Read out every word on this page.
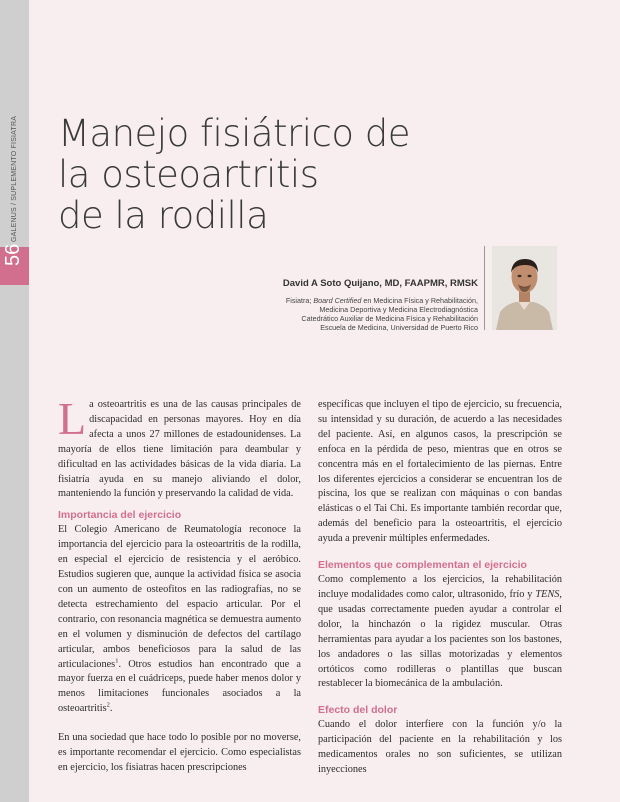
GALENUS / SUPLEMENTO FISIATRA
56
Manejo fisiátrico de
la osteoartritis
de la rodilla
David A Soto Quijano, MD, FAAPMR, RMSK
Fisiatra; Board Certified en Medicina Física y Rehabilitación,
Medicina Deportiva y Medicina Electrodiagnóstica
Catedrático Auxiliar de Medicina Física y Rehabilitación
Escuela de Medicina, Universidad de Puerto Rico

La osteoartritis es una de las causas principales de discapacidad en personas mayores. Hoy en día afecta a unos 27 millones de estadounidenses. La mayoría de ellos tiene limitación para deambular y dificultad en las actividades básicas de la vida diaria. La fisiatría ayuda en su manejo aliviando el dolor, manteniendo la función y preservando la calidad de vida.

Importancia del ejercicio

El Colegio Americano de Reumatología reconoce la importancia del ejercicio para la osteoartritis de la rodilla, en especial el ejercicio de resistencia y el aeróbico. Estudios sugieren que, aunque la actividad física se asocia con un aumento de osteofitos en las radiografías, no se detecta estrechamiento del espacio articular. Por el contrario, con resonancia magnética se demuestra aumento en el volumen y disminución de defectos del cartílago articular, ambos beneficiosos para la salud de las articulaciones$^1$. Otros estudios han encontrado que a mayor fuerza en el cuádriceps, puede haber menos dolor y menos limitaciones funcionales asociados a la osteoartritis$^2$.

En una sociedad que hace todo lo posible por no moverse, es importante recomendar el ejercicio. Como especialistas en ejercicio, los fisiatras hacen prescripciones

específicas que incluyen el tipo de ejercicio, su frecuencia, su intensidad y su duración, de acuerdo a las necesidades del paciente. Así, en algunos casos, la prescripción se enfoca en la pérdida de peso, mientras que en otros se concentra más en el fortalecimiento de las piernas. Entre los diferentes ejercicios a considerar se encuentran los de piscina, los que se realizan con máquinas o con bandas elásticas o el Tai Chi. Es importante también recordar que, además del beneficio para la osteoartritis, el ejercicio ayuda a prevenir múltiples enfermedades.

Elementos que complementan el ejercicio

Como complemento a los ejercicios, la rehabilitación incluye modalidades como calor, ultrasonido, frío y TENS, que usadas correctamente pueden ayudar a controlar el dolor, la hinchazón o la rigidez muscular. Otras herramientas para ayudar a los pacientes son los bastones, los andadores o las sillas motorizadas y elementos ortóticos como rodilleras o plantillas que buscan restablecer la biomecánica de la ambulación.

Efecto del dolor

Cuando el dolor interfiere con la función y/o la participación del paciente en la rehabilitación y los medicamentos orales no son suficientes, se utilizan inyecciones
